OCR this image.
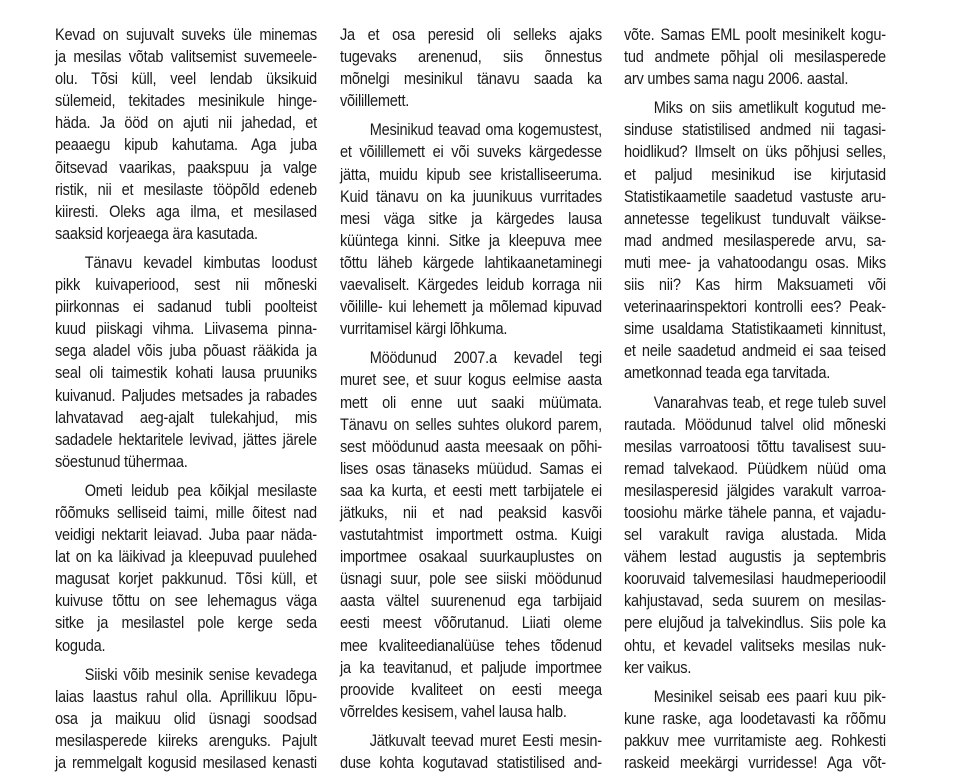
Kevad on sujuvalt suveks üle minemas
ja mesilas võtab valitsemist suvemeele-
olu. Tõsi küll, veel lendab üksikuid
sülemeid, tekitades mesinikule hinge-
häda. Ja ööd on ajuti nii jahedad, et
peaaegu kipub kahutama. Aga juba
õitsevad vaarikas, paakspuu ja valge
ristik, nii et mesilaste tööpõld edeneb
kiiresti. Oleks aga ilma, et mesilased
saaksid korjeaega ära kasutada.
Tänavu kevadel kimbutas loodust
pikk kuivaperiood, sest nii mõneski
piirkonnas ei sadanud tubli poolteist
kuud piiskagi vihma. Liivasema pinna-
sega aladel võis juba põuast rääkida ja
seal oli taimestik kohati lausa pruuniks
kuivanud. Paljudes metsades ja rabades
lahvatavad aeg-ajalt tulekahjud, mis
sadadele hektaritele levivad, jättes järele
söestunud tühermaa.
Ometi leidub pea kõikjal mesilaste
rõõmuks selliseid taimi, mille õitest nad
veidigi nektarit leiavad. Juba paar näda-
lat on ka läikivad ja kleepuvad puulehed
magusat korjet pakkunud. Tõsi küll, et
kuivuse tõttu on see lehemagus väga
sitke ja mesilastel pole kerge seda
koguda.
Siiski võib mesinik senise kevadega
laias laastus rahul olla. Aprillikuu lõpu-
osa ja maikuu olid üsnagi soodsad
mesilasperede kiireks arenguks. Pajult
ja remmelgalt kogusid mesilased kenasti
Ja et osa peresid oli selleks ajaks
tugevaks arenenud, siis õnnestus
mõnelgi mesinikul tänavu saada ka
võilillemett.
Mesinikud teavad oma kogemustest,
et võilillemett ei või suveks kärgedesse
jätta, muidu kipub see kristalliseeruma.
Kuid tänavu on ka juunikuus vurritades
mesi väga sitke ja kärgedes lausa
küüntega kinni. Sitke ja kleepuva mee
tõttu läheb kärgede lahtikaanetaminegi
vaevaliselt. Kärgedes leidub korraga nii
võilille- kui lehemett ja mõlemad kipuvad
vurritamisel kärgi lõhkuma.
Möödunud 2007.a kevadel tegi
muret see, et suur kogus eelmise aasta
mett oli enne uut saaki müümata.
Tänavu on selles suhtes olukord parem,
sest möödunud aasta meesaak on põhi-
lises osas tänaseks müüdud. Samas ei
saa ka kurta, et eesti mett tarbijatele ei
jätkuks, nii et nad peaksid kasvõi
vastutahtmist importmett ostma. Kuigi
importmee osakaal suurkauplustes on
üsnagi suur, pole see siiski möödunud
aasta vältel suurenenud ega tarbijaid
eesti meest võõrutanud. Liiati oleme
mee kvaliteedianalüüse tehes tõdenud
ja ka teavitanud, et paljude importmee
proovide kvaliteet on eesti meega
võrreldes kesisem, vahel lausa halb.
Jätkuvalt teevad muret Eesti mesin-
duse kohta kogutavad statistilised and-
võte. Samas EML poolt mesinikelt kogu-
tud andmete põhjal oli mesilasperede
arv umbes sama nagu 2006. aastal.
Miks on siis ametlikult kogutud me-
sinduse statistilised andmed nii tagasi-
hoidlikud? Ilmselt on üks põhjusi selles,
et paljud mesinikud ise kirjutasid
Statistikaametile saadetud vastuste aru-
annetesse tegelikust tunduvalt väikse-
mad andmed mesilasperede arvu, sa-
muti mee- ja vahatoodangu osas. Miks
siis nii? Kas hirm Maksuameti või
veterinaarinspektori kontrolli ees? Peak-
sime usaldama Statistikaameti kinnitust,
et neile saadetud andmeid ei saa teised
ametkonnad teada ega tarvitada.
Vanarahvas teab, et rege tuleb suvel
rautada. Möödunud talvel olid mõneski
mesilas varroatoosi tõttu tavalisest suu-
remad talvekaod. Püüdkem nüüd oma
mesilasperesid jälgides varakult varroa-
toosiohu märke tähele panna, et vajadu-
sel varakult raviga alustada. Mida
vähem lestad augustis ja septembris
kooruvaid talvemesilasi haudmeperioodil
kahjustavad, seda suurem on mesilas-
pere elujõud ja talvekindlus. Siis pole ka
ohtu, et kevadel valitseks mesilas nuk-
ker vaikus.
Mesinikel seisab ees paari kuu pik-
kune raske, aga loodetavasti ka rõõmu
pakkuv mee vurritamiste aeg. Rohkesti
raskeid meekärgi vurridesse! Aga võt-
